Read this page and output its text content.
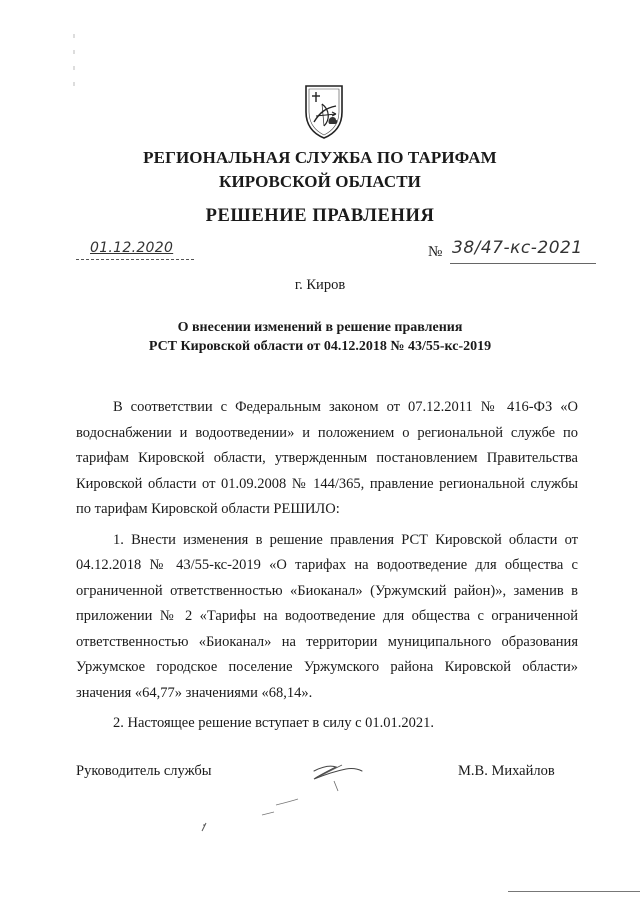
РЕГИОНАЛЬНАЯ СЛУЖБА ПО ТАРИФАМ
КИРОВСКОЙ ОБЛАСТИ
РЕШЕНИЕ ПРАВЛЕНИЯ
01.12.2020	№ 38/47-кс-2021
г. Киров
О внесении изменений в решение правления
РСТ Кировской области от 04.12.2018 № 43/55-кс-2019

В соответствии с Федеральным законом от 07.12.2011 № 416-ФЗ «О водоснабжении и водоотведении» и положением о региональной службе по тарифам Кировской области, утвержденным постановлением Правительства Кировской области от 01.09.2008 № 144/365, правление региональной службы по тарифам Кировской области РЕШИЛО:

1. Внести изменения в решение правления РСТ Кировской области от 04.12.2018 № 43/55-кс-2019 «О тарифах на водоотведение для общества с ограниченной ответственностью «Биоканал» (Уржумский район)», заменив в приложении № 2 «Тарифы на водоотведение для общества с ограниченной ответственностью «Биоканал» на территории муниципального образования Уржумское городское поселение Уржумского района Кировской области» значения «64,77» значениями «68,14».

2. Настоящее решение вступает в силу с 01.01.2021.

Руководитель службы	М.В. Михайлов
